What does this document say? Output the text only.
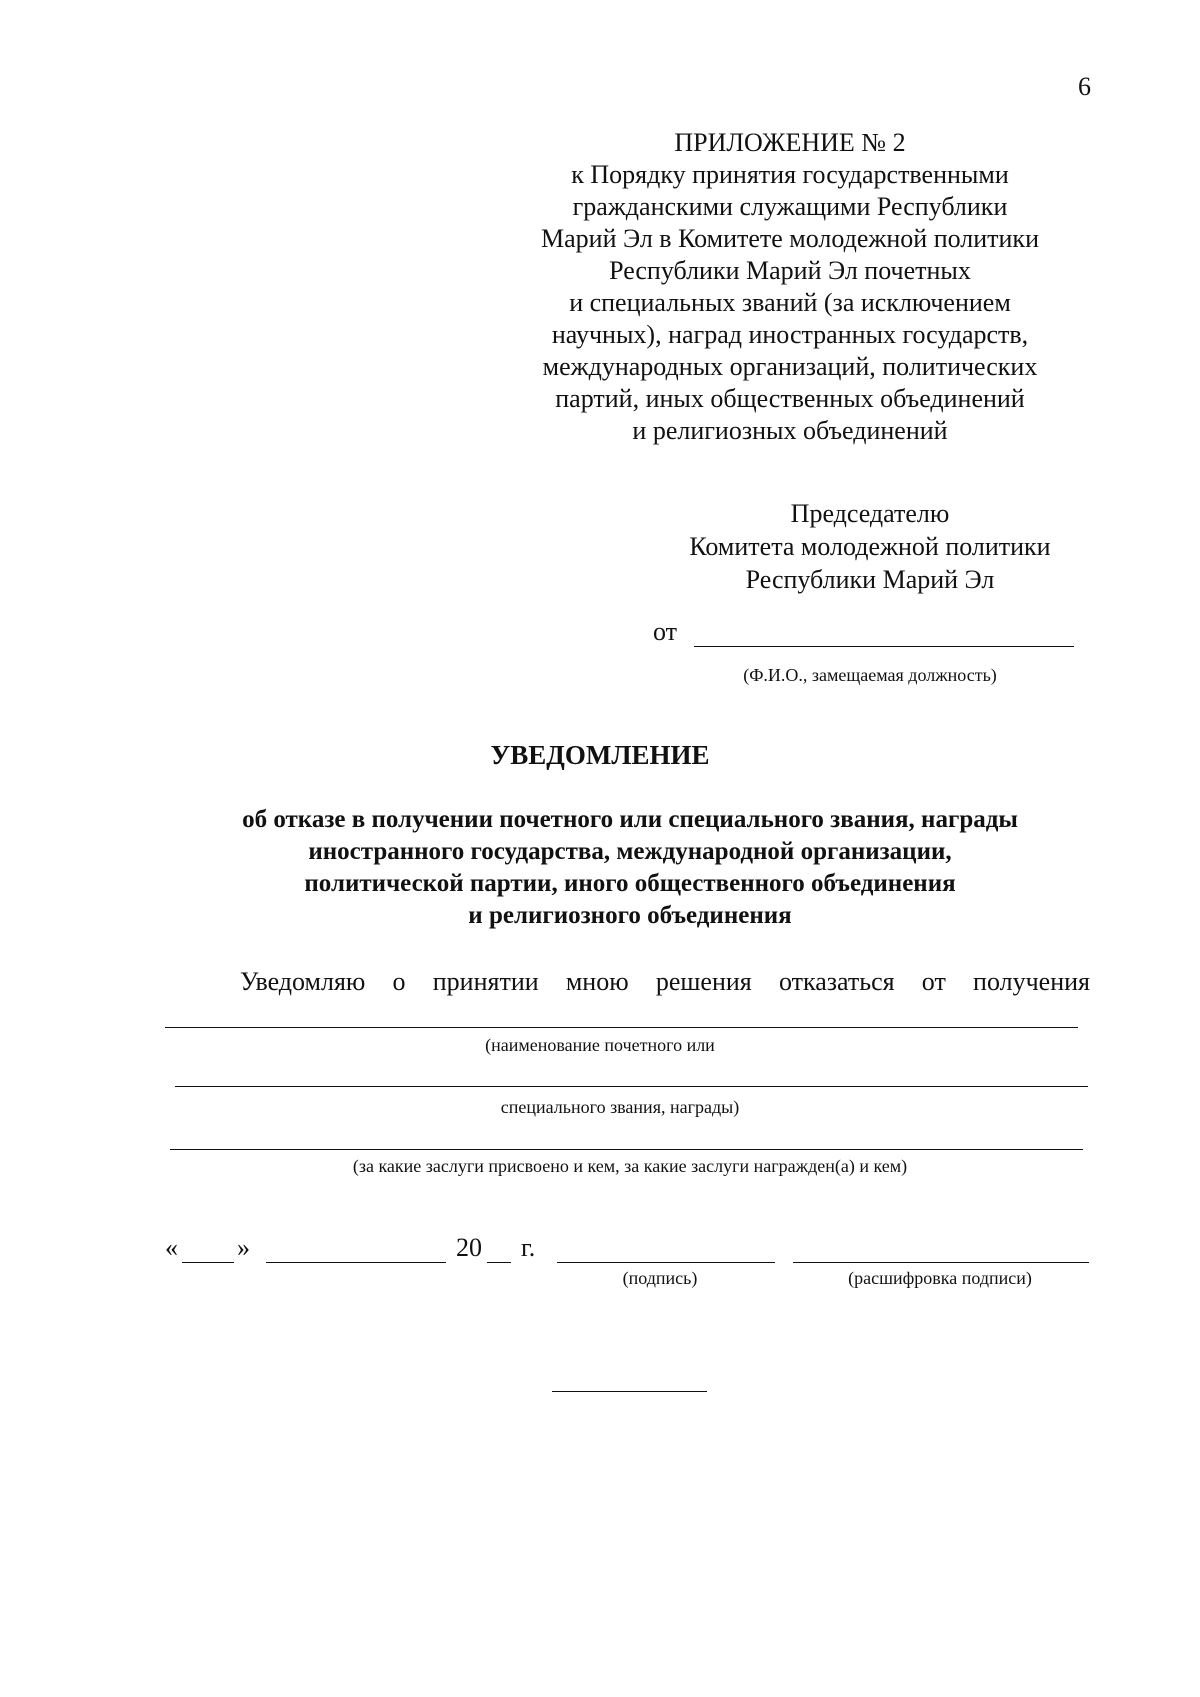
6
ПРИЛОЖЕНИЕ № 2
к Порядку принятия государственными
гражданскими служащими Республики
Марий Эл в Комитете молодежной политики
Республики Марий Эл почетных
и специальных званий (за исключением
научных), наград иностранных государств,
международных организаций, политических
партий, иных общественных объединений
и религиозных объединений
Председателю
Комитета молодежной политики
Республики Марий Эл
от
(Ф.И.О., замещаемая должность)
УВЕДОМЛЕНИЕ
об отказе в получении почетного или специального звания, награды
иностранного государства, международной организации,
политической партии, иного общественного объединения
и религиозного объединения
Уведомляю о принятии мною решения отказаться от получения
(наименование почетного или
специального звания, награды)
(за какие заслуги присвоено и кем, за какие заслуги награжден(а) и кем)
« »	20 г.
(подпись)	(расшифровка подписи)
